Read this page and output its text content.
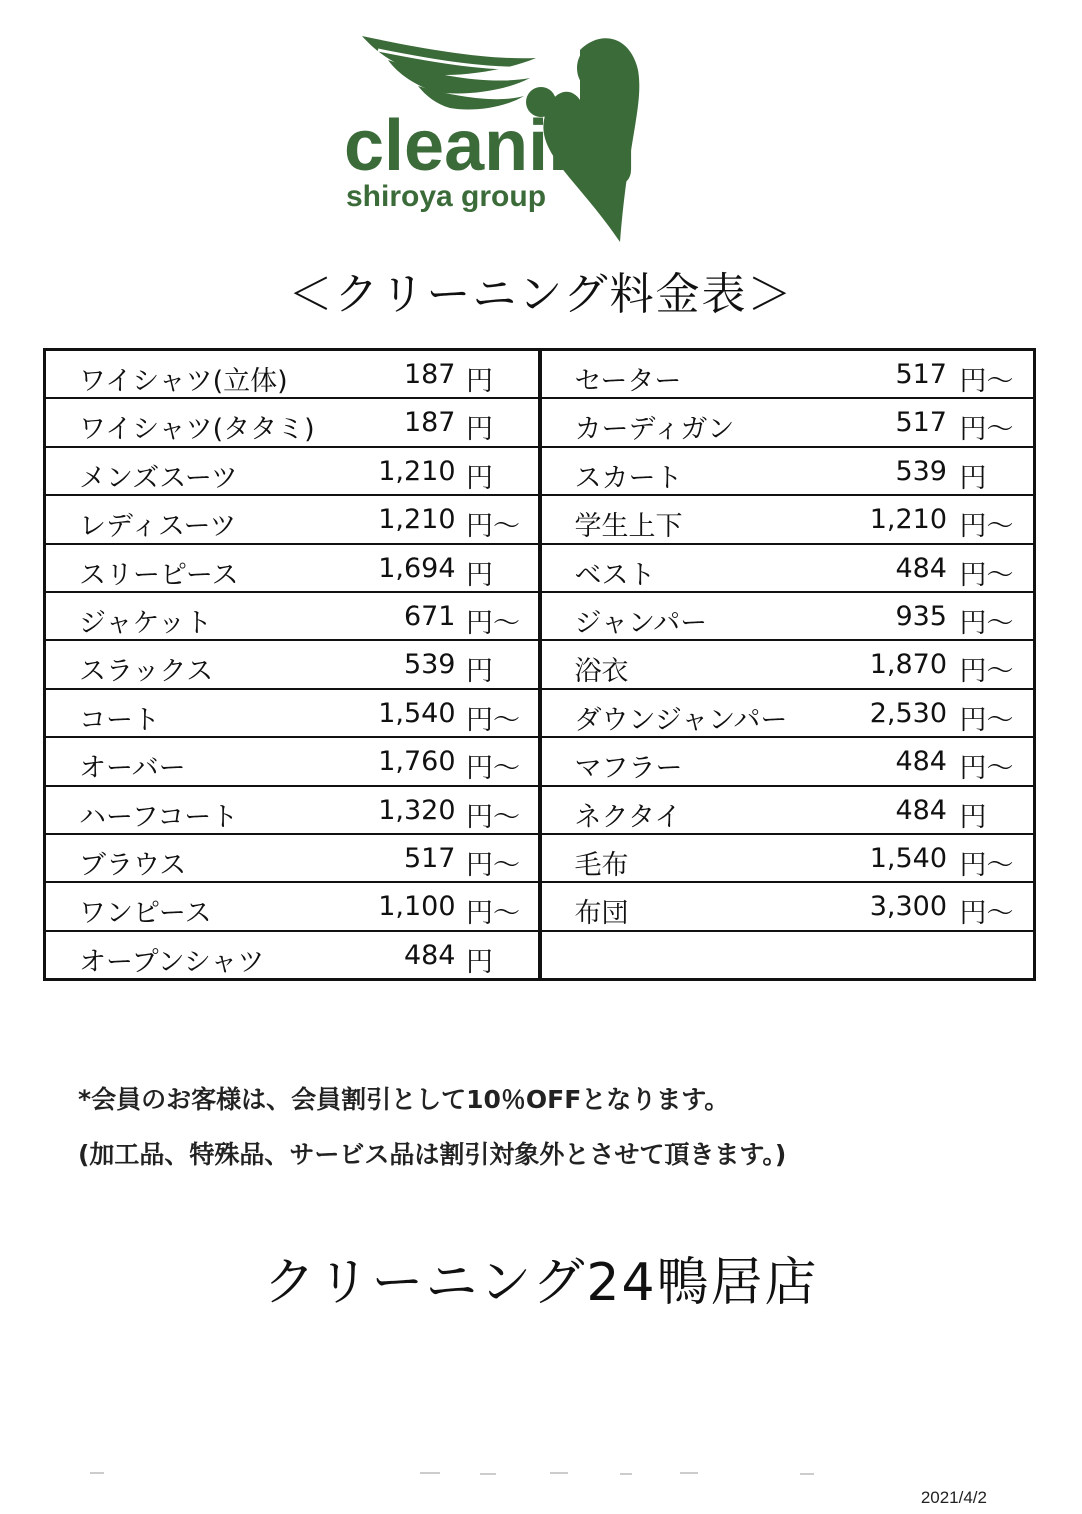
cleaning
shiroya group
＜クリーニング料金表＞
ワイシャツ(立体)	187 円
ワイシャツ(タタミ)	187 円
メンズスーツ	1,210 円
レディスーツ	1,210 円～
スリーピース	1,694 円
ジャケット	671 円～
スラックス	539 円
コート	1,540 円～
オーバー	1,760 円～
ハーフコート	1,320 円～
ブラウス	517 円～
ワンピース	1,100 円～
オープンシャツ	484 円
セーター	517 円～
カーディガン	517 円～
スカート	539 円
学生上下	1,210 円～
ベスト	484 円～
ジャンパー	935 円～
浴衣	1,870 円～
ダウンジャンパー	2,530 円～
マフラー	484 円～
ネクタイ	484 円
毛布	1,540 円～
布団	3,300 円～
*会員のお客様は、会員割引として10％OFFとなります。
(加工品、特殊品、サービス品は割引対象外とさせて頂きます。)
クリーニング24鴨居店
2021/4/2
